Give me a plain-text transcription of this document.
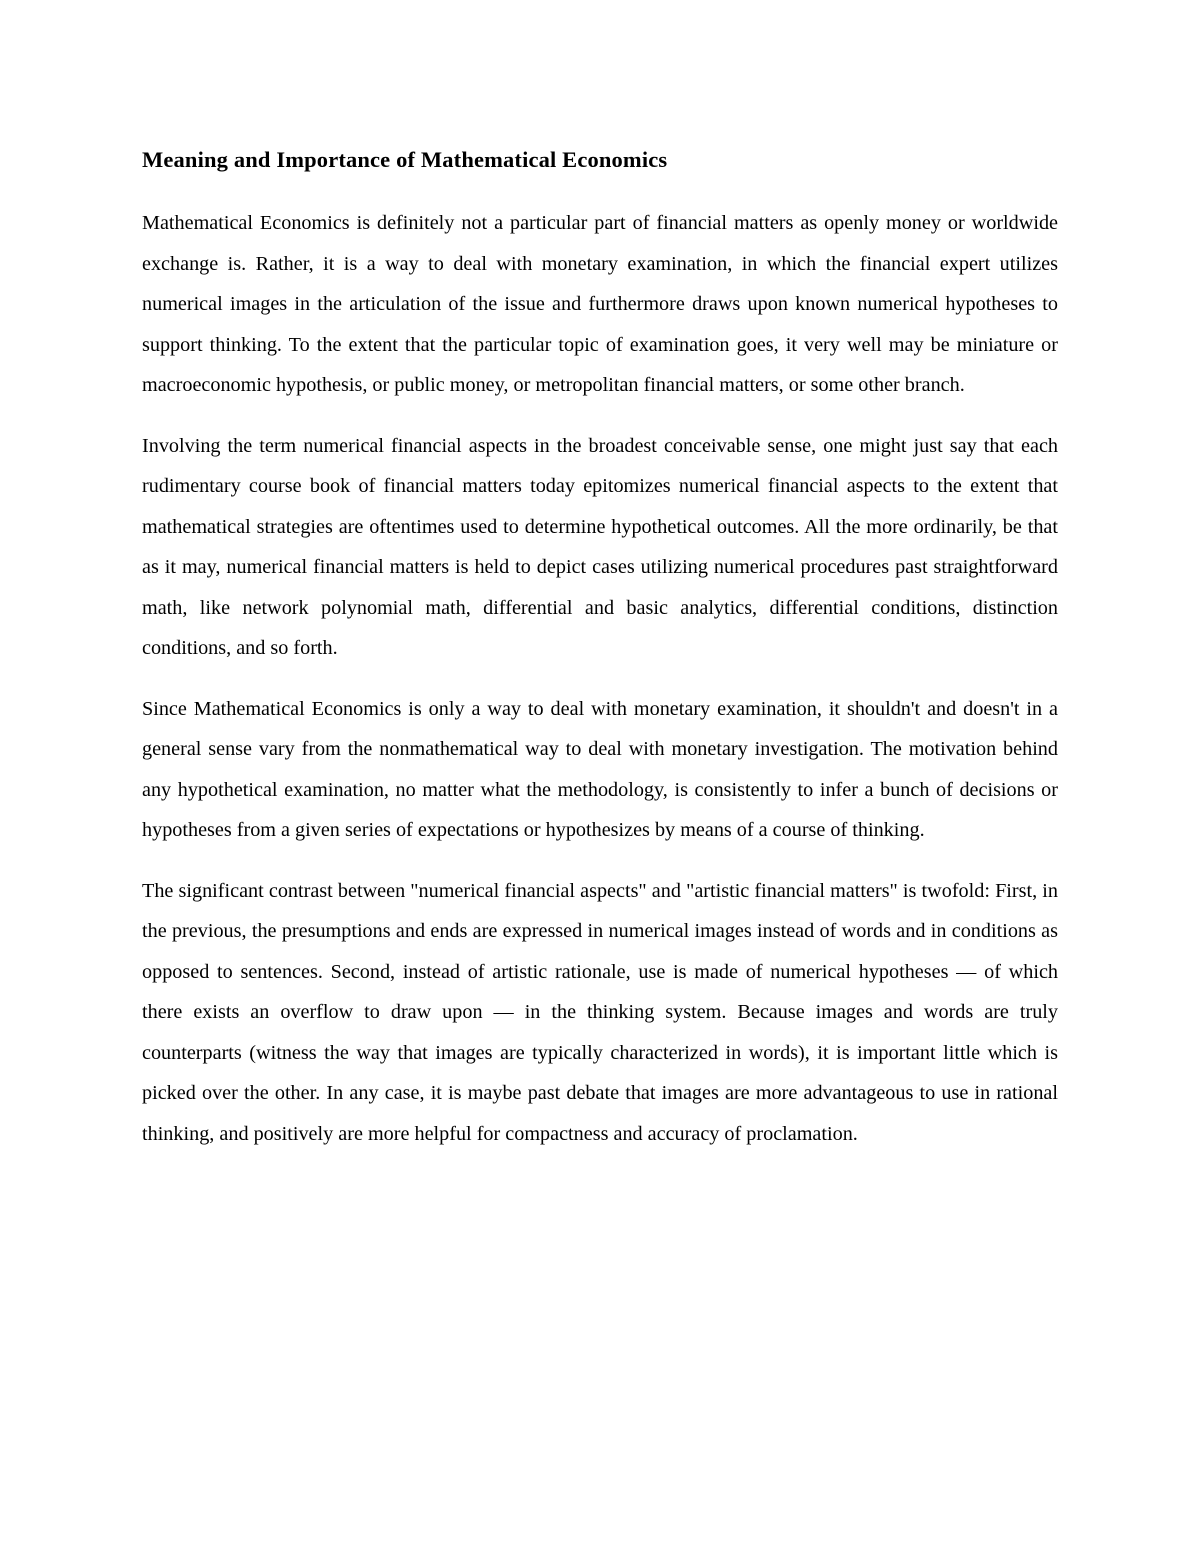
Meaning and Importance of Mathematical Economics

Mathematical Economics is definitely not a particular part of financial matters as openly money or worldwide exchange is. Rather, it is a way to deal with monetary examination, in which the financial expert utilizes numerical images in the articulation of the issue and furthermore draws upon known numerical hypotheses to support thinking. To the extent that the particular topic of examination goes, it very well may be miniature or macroeconomic hypothesis, or public money, or metropolitan financial matters, or some other branch.

Involving the term numerical financial aspects in the broadest conceivable sense, one might just say that each rudimentary course book of financial matters today epitomizes numerical financial aspects to the extent that mathematical strategies are oftentimes used to determine hypothetical outcomes. All the more ordinarily, be that as it may, numerical financial matters is held to depict cases utilizing numerical procedures past straightforward math, like network polynomial math, differential and basic analytics, differential conditions, distinction conditions, and so forth.

Since Mathematical Economics is only a way to deal with monetary examination, it shouldn't and doesn't in a general sense vary from the nonmathematical way to deal with monetary investigation. The motivation behind any hypothetical examination, no matter what the methodology, is consistently to infer a bunch of decisions or hypotheses from a given series of expectations or hypothesizes by means of a course of thinking.

The significant contrast between "numerical financial aspects" and "artistic financial matters" is twofold: First, in the previous, the presumptions and ends are expressed in numerical images instead of words and in conditions as opposed to sentences. Second, instead of artistic rationale, use is made of numerical hypotheses — of which there exists an overflow to draw upon — in the thinking system. Because images and words are truly counterparts (witness the way that images are typically characterized in words), it is important little which is picked over the other. In any case, it is maybe past debate that images are more advantageous to use in rational thinking, and positively are more helpful for compactness and accuracy of proclamation.
